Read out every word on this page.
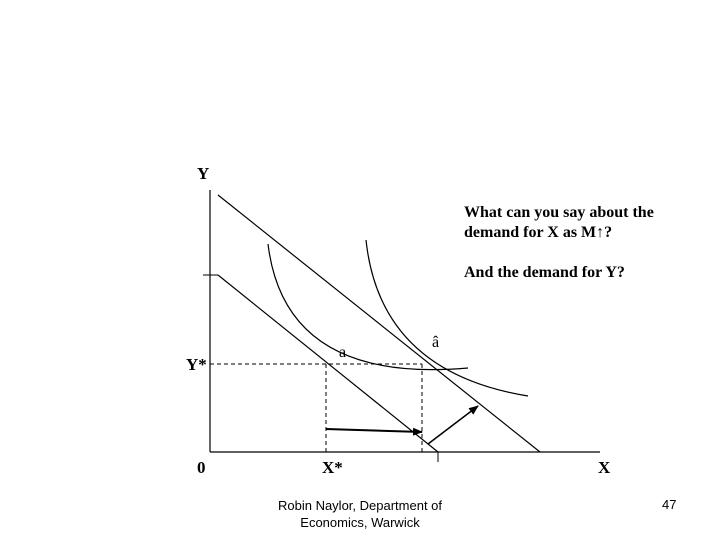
Y
Y*
0	X*	X
a
â

What can you say about the demand for X as M↑?

And the demand for Y?

Robin Naylor, Department of Economics, Warwick
47
